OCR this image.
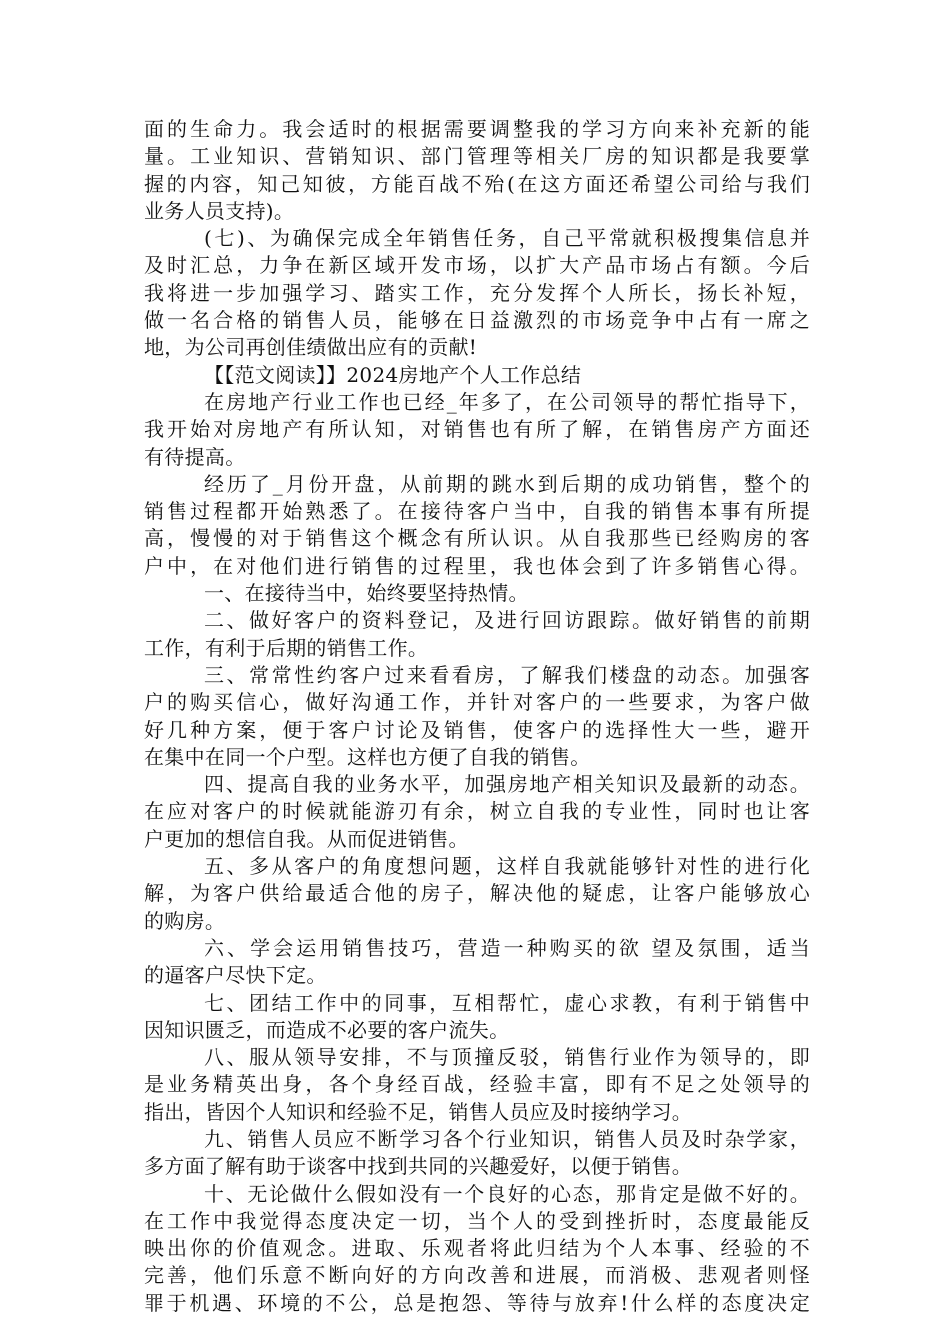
面的生命力。我会适时的根据需要调整我的学习方向来补充新的能
量。工业知识、营销知识、部门管理等相关厂房的知识都是我要掌
握的内容，知己知彼，方能百战不殆(在这方面还希望公司给与我们
业务人员支持)。
(七)、为确保完成全年销售任务，自己平常就积极搜集信息并
及时汇总，力争在新区域开发市场，以扩大产品市场占有额。今后
我将进一步加强学习、踏实工作，充分发挥个人所长，扬长补短，
做一名合格的销售人员，能够在日益激烈的市场竞争中占有一席之
地，为公司再创佳绩做出应有的贡献!
【【范文阅读】】2024房地产个人工作总结
在房地产行业工作也已经_年多了，在公司领导的帮忙指导下，
我开始对房地产有所认知，对销售也有所了解，在销售房产方面还
有待提高。
经历了_月份开盘，从前期的跳水到后期的成功销售，整个的
销售过程都开始熟悉了。在接待客户当中，自我的销售本事有所提
高，慢慢的对于销售这个概念有所认识。从自我那些已经购房的客
户中，在对他们进行销售的过程里，我也体会到了许多销售心得。
一、在接待当中，始终要坚持热情。
二、做好客户的资料登记，及进行回访跟踪。做好销售的前期
工作，有利于后期的销售工作。
三、常常性约客户过来看看房，了解我们楼盘的动态。加强客
户的购买信心，做好沟通工作，并针对客户的一些要求，为客户做
好几种方案，便于客户讨论及销售，使客户的选择性大一些，避开
在集中在同一个户型。这样也方便了自我的销售。
四、提高自我的业务水平，加强房地产相关知识及最新的动态。
在应对客户的时候就能游刃有余，树立自我的专业性，同时也让客
户更加的想信自我。从而促进销售。
五、多从客户的角度想问题，这样自我就能够针对性的进行化
解，为客户供给最适合他的房子，解决他的疑虑，让客户能够放心
的购房。
六、学会运用销售技巧，营造一种购买的欲 望及氛围，适当
的逼客户尽快下定。
七、团结工作中的同事，互相帮忙，虚心求教，有利于销售中
因知识匮乏，而造成不必要的客户流失。
八、服从领导安排，不与顶撞反驳，销售行业作为领导的，即
是业务精英出身，各个身经百战，经验丰富，即有不足之处领导的
指出，皆因个人知识和经验不足，销售人员应及时接纳学习。
九、销售人员应不断学习各个行业知识，销售人员及时杂学家，
多方面了解有助于谈客中找到共同的兴趣爱好，以便于销售。
十、无论做什么假如没有一个良好的心态，那肯定是做不好的。
在工作中我觉得态度决定一切，当个人的受到挫折时，态度最能反
映出你的价值观念。进取、乐观者将此归结为个人本事、经验的不
完善，他们乐意不断向好的方向改善和进展，而消极、悲观者则怪
罪于机遇、环境的不公，总是抱怨、等待与放弃!什么样的态度决定
